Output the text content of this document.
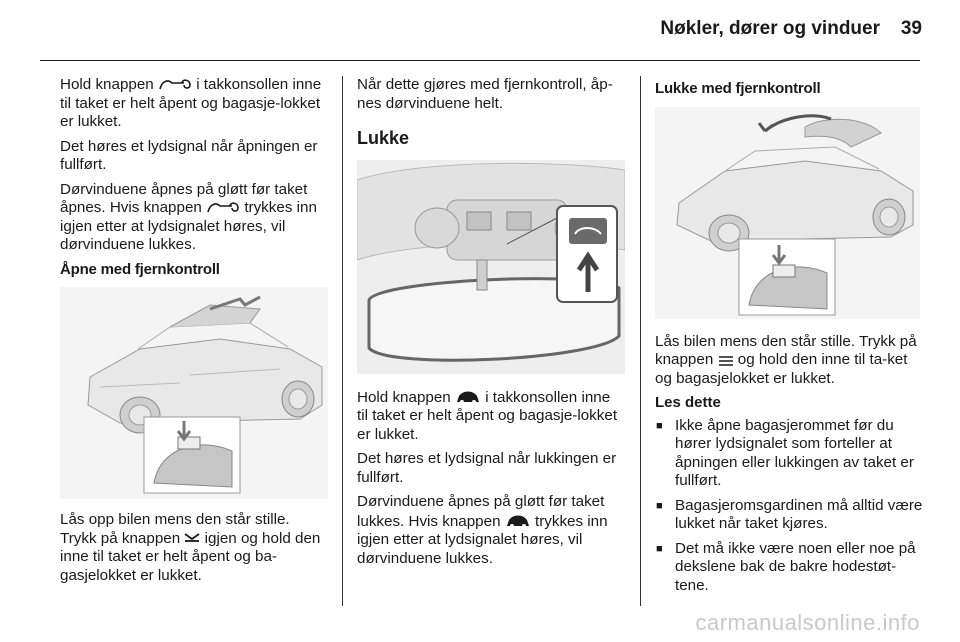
Nøkler, dører og vinduer 39

Hold knappen	i takkonsollen inne til taket er helt åpent og bagasje-lokket er lukket.

Det høres et lydsignal når åpningen er fullført.

Dørvinduene åpnes på gløtt før taket åpnes. Hvis knappen	trykkes inn igjen etter at lydsignalet høres, vil dørvinduene lukkes.

Åpne med fjernkontroll

Lås opp bilen mens den står stille. Trykk på knappen igjen og hold den inne til taket er helt åpent og ba-gasjelokket er lukket.

Når dette gjøres med fjernkontroll, åp-nes dørvinduene helt.

Lukke

Hold knappen i takkonsollen inne til taket er helt åpent og bagasje-lokket er lukket.

Det høres et lydsignal når lukkingen er fullført.

Dørvinduene åpnes på gløtt før taket lukkes. Hvis knappen trykkes inn igjen etter at lydsignalet høres, vil dørvinduene lukkes.

Lukke med fjernkontroll

Lås bilen mens den står stille. Trykk på knappen og hold den inne til ta-ket og bagasjelokket er lukket.

Les dette
■ Ikke åpne bagasjerommet før du hører lydsignalet som forteller at åpningen eller lukkingen av taket er fullført.
■ Bagasjeromsgardinen må alltid være lukket når taket kjøres.
■ Det må ikke være noen eller noe på dekslene bak de bakre hodestøt-tene.
carmanualsonline.info
